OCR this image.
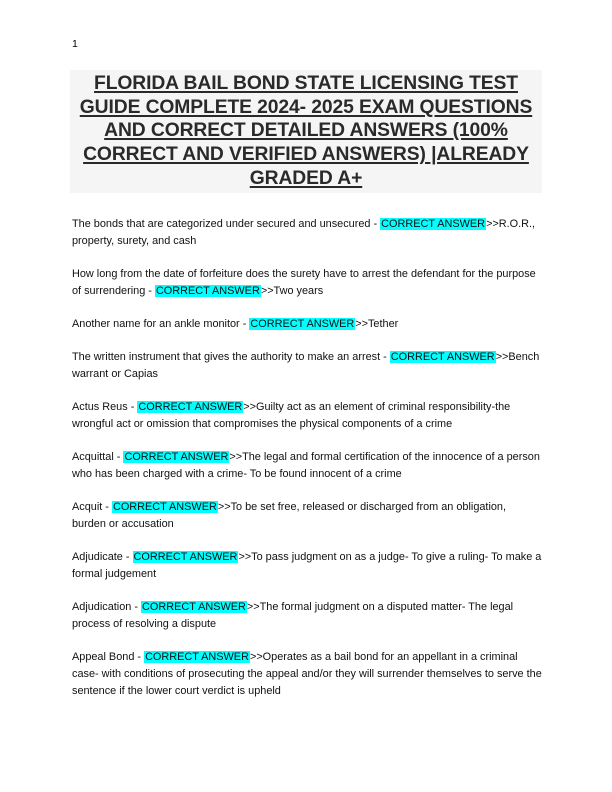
1
FLORIDA BAIL BOND STATE LICENSING TEST GUIDE COMPLETE 2024- 2025 EXAM QUESTIONS AND CORRECT DETAILED ANSWERS (100% CORRECT AND VERIFIED ANSWERS) |ALREADY GRADED A+
The bonds that are categorized under secured and unsecured - CORRECT ANSWER>>R.O.R., property, surety, and cash
How long from the date of forfeiture does the surety have to arrest the defendant for the purpose of surrendering - CORRECT ANSWER>>Two years
Another name for an ankle monitor - CORRECT ANSWER>>Tether
The written instrument that gives the authority to make an arrest - CORRECT ANSWER>>Bench warrant or Capias
Actus Reus - CORRECT ANSWER>>Guilty act as an element of criminal responsibility-the wrongful act or omission that compromises the physical components of a crime
Acquittal - CORRECT ANSWER>>The legal and formal certification of the innocence of a person who has been charged with a crime- To be found innocent of a crime
Acquit - CORRECT ANSWER>>To be set free, released or discharged from an obligation, burden or accusation
Adjudicate - CORRECT ANSWER>>To pass judgment on as a judge- To give a ruling- To make a formal judgement
Adjudication - CORRECT ANSWER>>The formal judgment on a disputed matter- The legal process of resolving a dispute
Appeal Bond - CORRECT ANSWER>>Operates as a bail bond for an appellant in a criminal case- with conditions of prosecuting the appeal and/or they will surrender themselves to serve the sentence if the lower court verdict is upheld
